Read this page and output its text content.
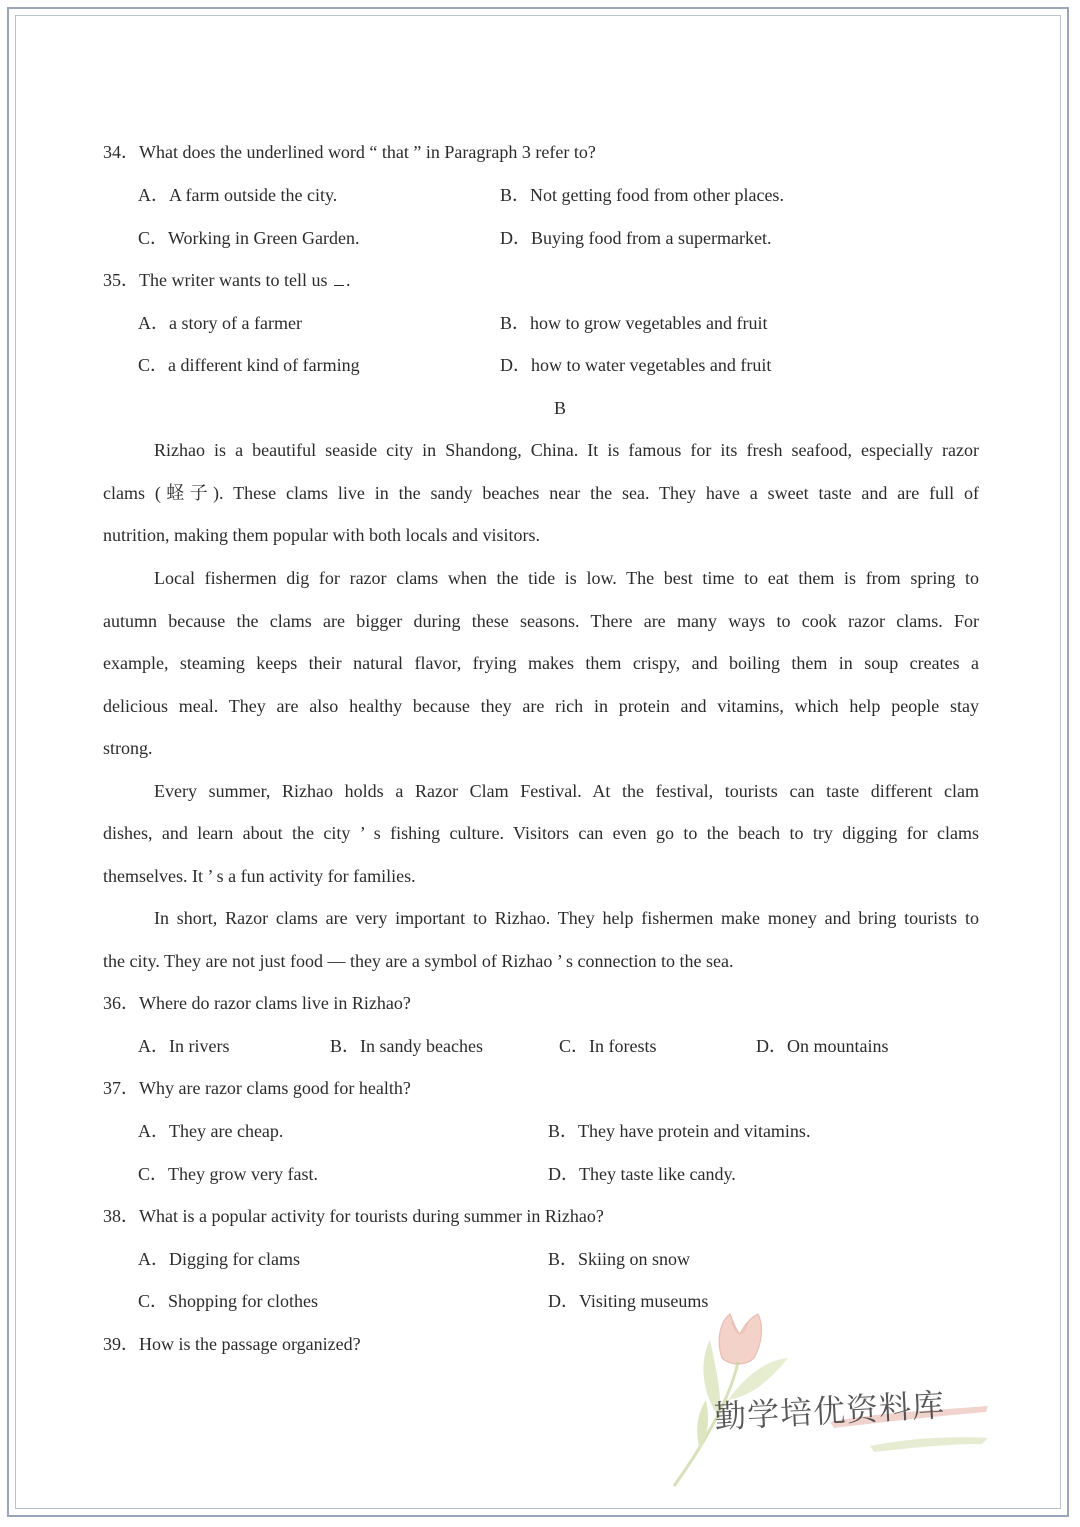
34．What does the underlined word “ that ” in Paragraph 3 refer to?
A．A farm outside the city.	B．Not getting food from other places.
C．Working in Green Garden.	D．Buying food from a supermarket.
35．The writer wants to tell us .
A．a story of a farmer	B．how to grow vegetables and fruit
C．a different kind of farming	D．how to water vegetables and fruit
B
Rizhao is a beautiful seaside city in Shandong, China. It is famous for its fresh seafood, especially razor
clams (蛏子). These clams live in the sandy beaches near the sea. They have a sweet taste and are full of
nutrition, making them popular with both locals and visitors.
Local fishermen dig for razor clams when the tide is low. The best time to eat them is from spring to
autumn because the clams are bigger during these seasons. There are many ways to cook razor clams. For
example, steaming keeps their natural flavor, frying makes them crispy, and boiling them in soup creates a
delicious meal. They are also healthy because they are rich in protein and vitamins, which help people stay
strong.
Every summer, Rizhao holds a Razor Clam Festival. At the festival, tourists can taste different clam
dishes, and learn about the city ’ s fishing culture. Visitors can even go to the beach to try digging for clams
themselves. It ’ s a fun activity for families.
In short, Razor clams are very important to Rizhao. They help fishermen make money and bring tourists to
the city. They are not just food — they are a symbol of Rizhao ’ s connection to the sea.
36．Where do razor clams live in Rizhao?
A．In rivers	B．In sandy beaches	C．In forests	D．On mountains
37．Why are razor clams good for health?
A．They are cheap.	B．They have protein and vitamins.
C．They grow very fast.	D．They taste like candy.
38．What is a popular activity for tourists during summer in Rizhao?
A．Digging for clams	B．Skiing on snow
C．Shopping for clothes	D．Visiting museums
39．How is the passage organized?
勤学培优资料库
